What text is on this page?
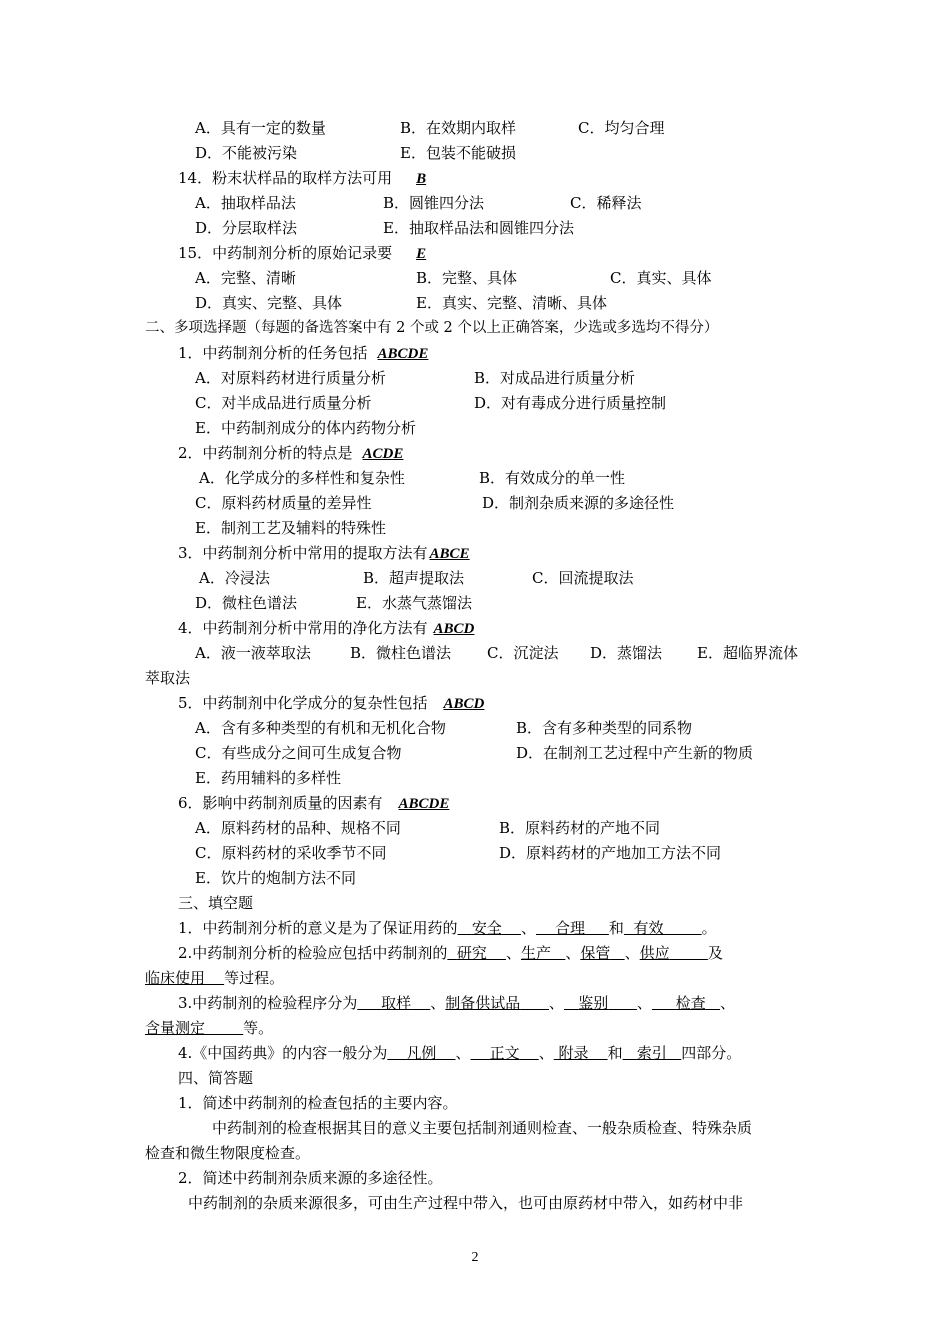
A．具有一定的数量	B．在效期内取样	C．均匀合理
D．不能被污染	E．包装不能破损
14．粉末状样品的取样方法可用 B
A．抽取样品法	B．圆锥四分法	C．稀释法
D．分层取样法	E．抽取样品法和圆锥四分法
15．中药制剂分析的原始记录要 E
A．完整、清晰	B．完整、具体	C．真实、具体
D．真实、完整、具体	E．真实、完整、清晰、具体
二、多项选择题（每题的备选答案中有 2 个或 2 个以上正确答案，少选或多选均不得分）
1．中药制剂分析的任务包括 ABCDE
A．对原料药材进行质量分析	B．对成品进行质量分析
C．对半成品进行质量分析	D．对有毒成分进行质量控制
E．中药制剂成分的体内药物分析
2．中药制剂分析的特点是 ACDE
A．化学成分的多样性和复杂性	B．有效成分的单一性
C．原料药材质量的差异性	D．制剂杂质来源的多途径性
E．制剂工艺及辅料的特殊性
3．中药制剂分析中常用的提取方法有 ABCE
A．冷浸法	B．超声提取法	C．回流提取法
D．微柱色谱法	E．水蒸气蒸馏法
4．中药制剂分析中常用的净化方法有 ABCD
A．液一液萃取法	B．微柱色谱法 C．沉淀法 D．蒸馏法 E．超临界流体
萃取法
5．中药制剂中化学成分的复杂性包括 ABCD
A．含有多种类型的有机和无机化合物	B．含有多种类型的同系物
C．有些成分之间可生成复合物	D．在制剂工艺过程中产生新的物质
E．药用辅料的多样性
6．影响中药制剂质量的因素有 ABCDE
A．原料药材的品种、规格不同	B．原料药材的产地不同
C．原料药材的采收季节不同	D．原料药材的产地加工方法不同
E．饮片的炮制方法不同
三、填空题
1．中药制剂分析的意义是为了保证用药的 安全 、 合理 和 有效	。
2.中药制剂分析的检验应包括中药制剂的 研究 、生产 、保管 、供应	及
临床使用 等过程。
3.中药制剂的检验程序分为 取样 、制备供试品 、 鉴别 、 检查 、
含量测定	等。
4.《中国药典》的内容一般分为 凡例 、 正文 、 附录 和 索引 四部分。
四、简答题
1．简述中药制剂的检查包括的主要内容。
中药制剂的检查根据其目的意义主要包括制剂通则检查、一般杂质检查、特殊杂质
检查和微生物限度检查。
2．简述中药制剂杂质来源的多途径性。
中药制剂的杂质来源很多，可由生产过程中带入，也可由原药材中带入，如药材中非
2
